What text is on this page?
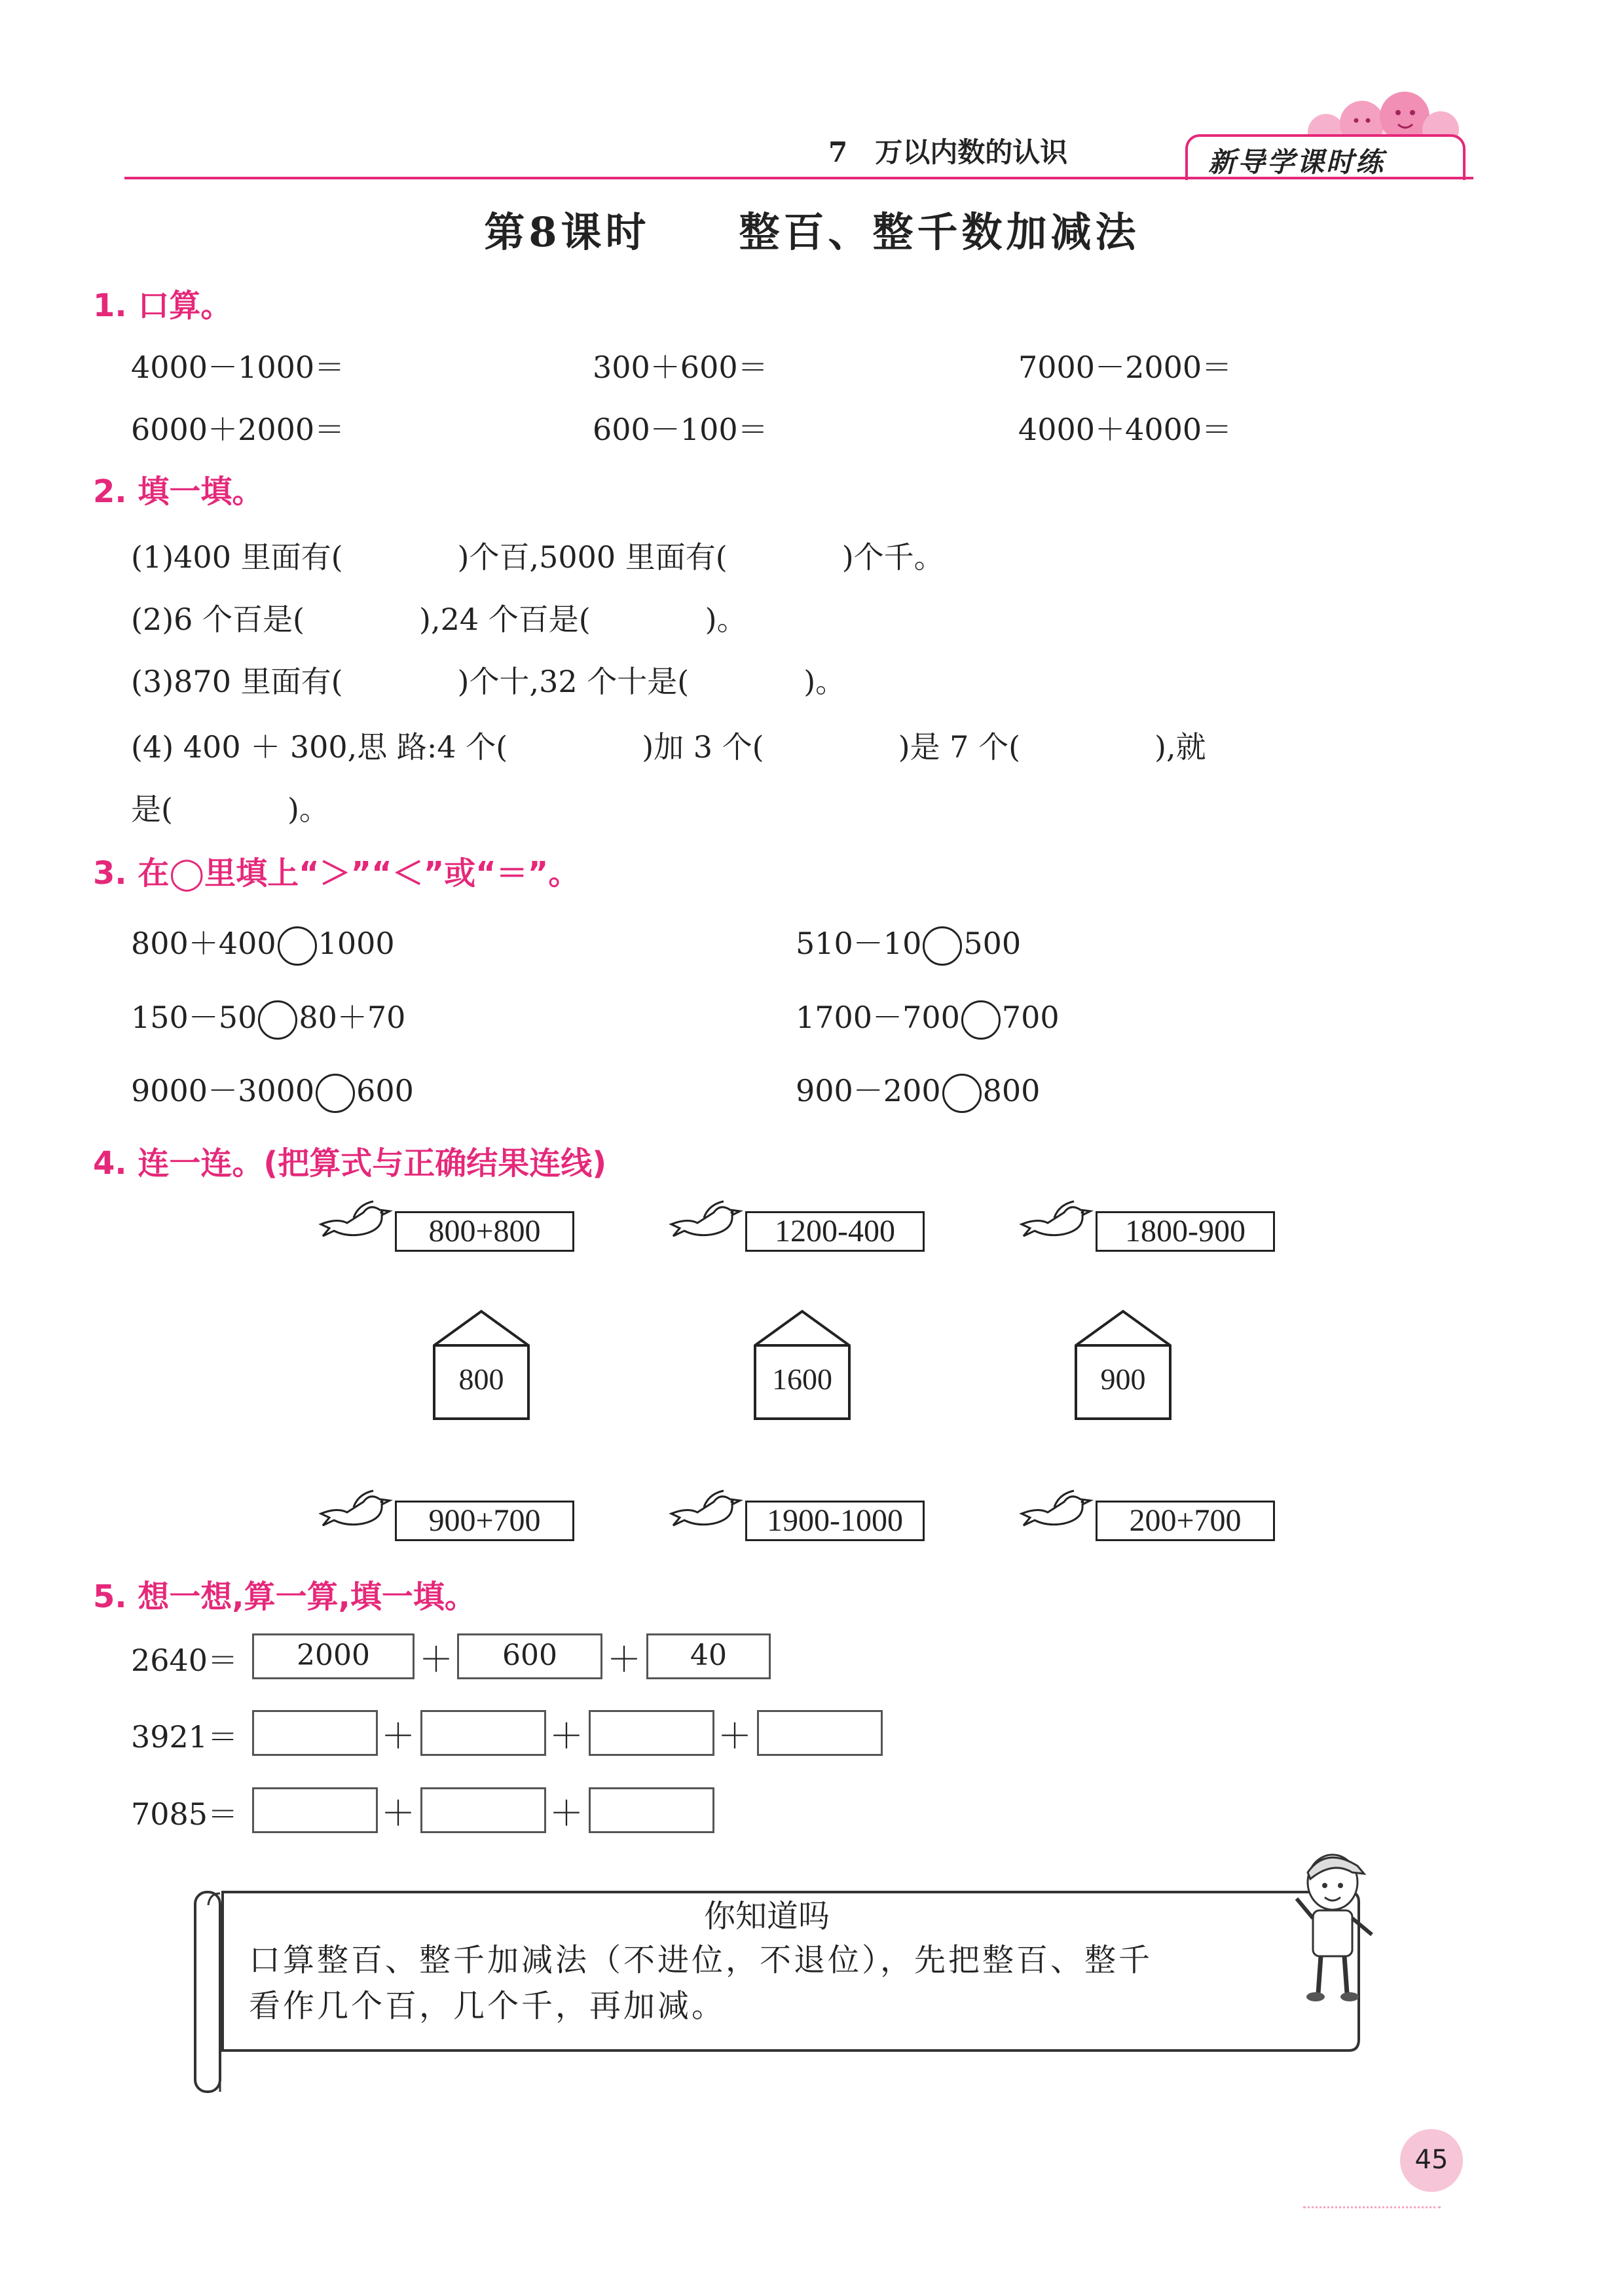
7　万以内数的认识	新导学课时练
第8课时　　整百、整千数加减法
1. 口算。
4000－1000＝	300＋600＝	7000－2000＝
6000＋2000＝	600－100＝	4000＋4000＝
2. 填一填。
(1)400 里面有(	)个百,5000 里面有(	)个千。
(2)6 个百是(	),24 个百是(	)。
(3)870 里面有(	)个十,32 个十是(	)。
(4) 400 ＋ 300,思 路:4 个(	)加 3 个(	)是 7 个(	),就
是(	)。
3. 在◯里填上“＞”“＜”或“＝”。
800＋400 1000	510－10 500
150－50 80＋70	1700－700 700
9000－3000 600	900－200 800
4. 连一连。(把算式与正确结果连线)
800+800	1200-400	1800-900
800	1600	900
900+700	1900-1000	200+700
5. 想一想,算一算,填一填。
2640＝	2000	＋	600	＋	40
3921＝	＋	＋	＋
7085＝	＋	＋
你知道吗
口算整百、整千加减法（不进位，不退位），先把整百、整千
看作几个百，几个千，再加减。
45
